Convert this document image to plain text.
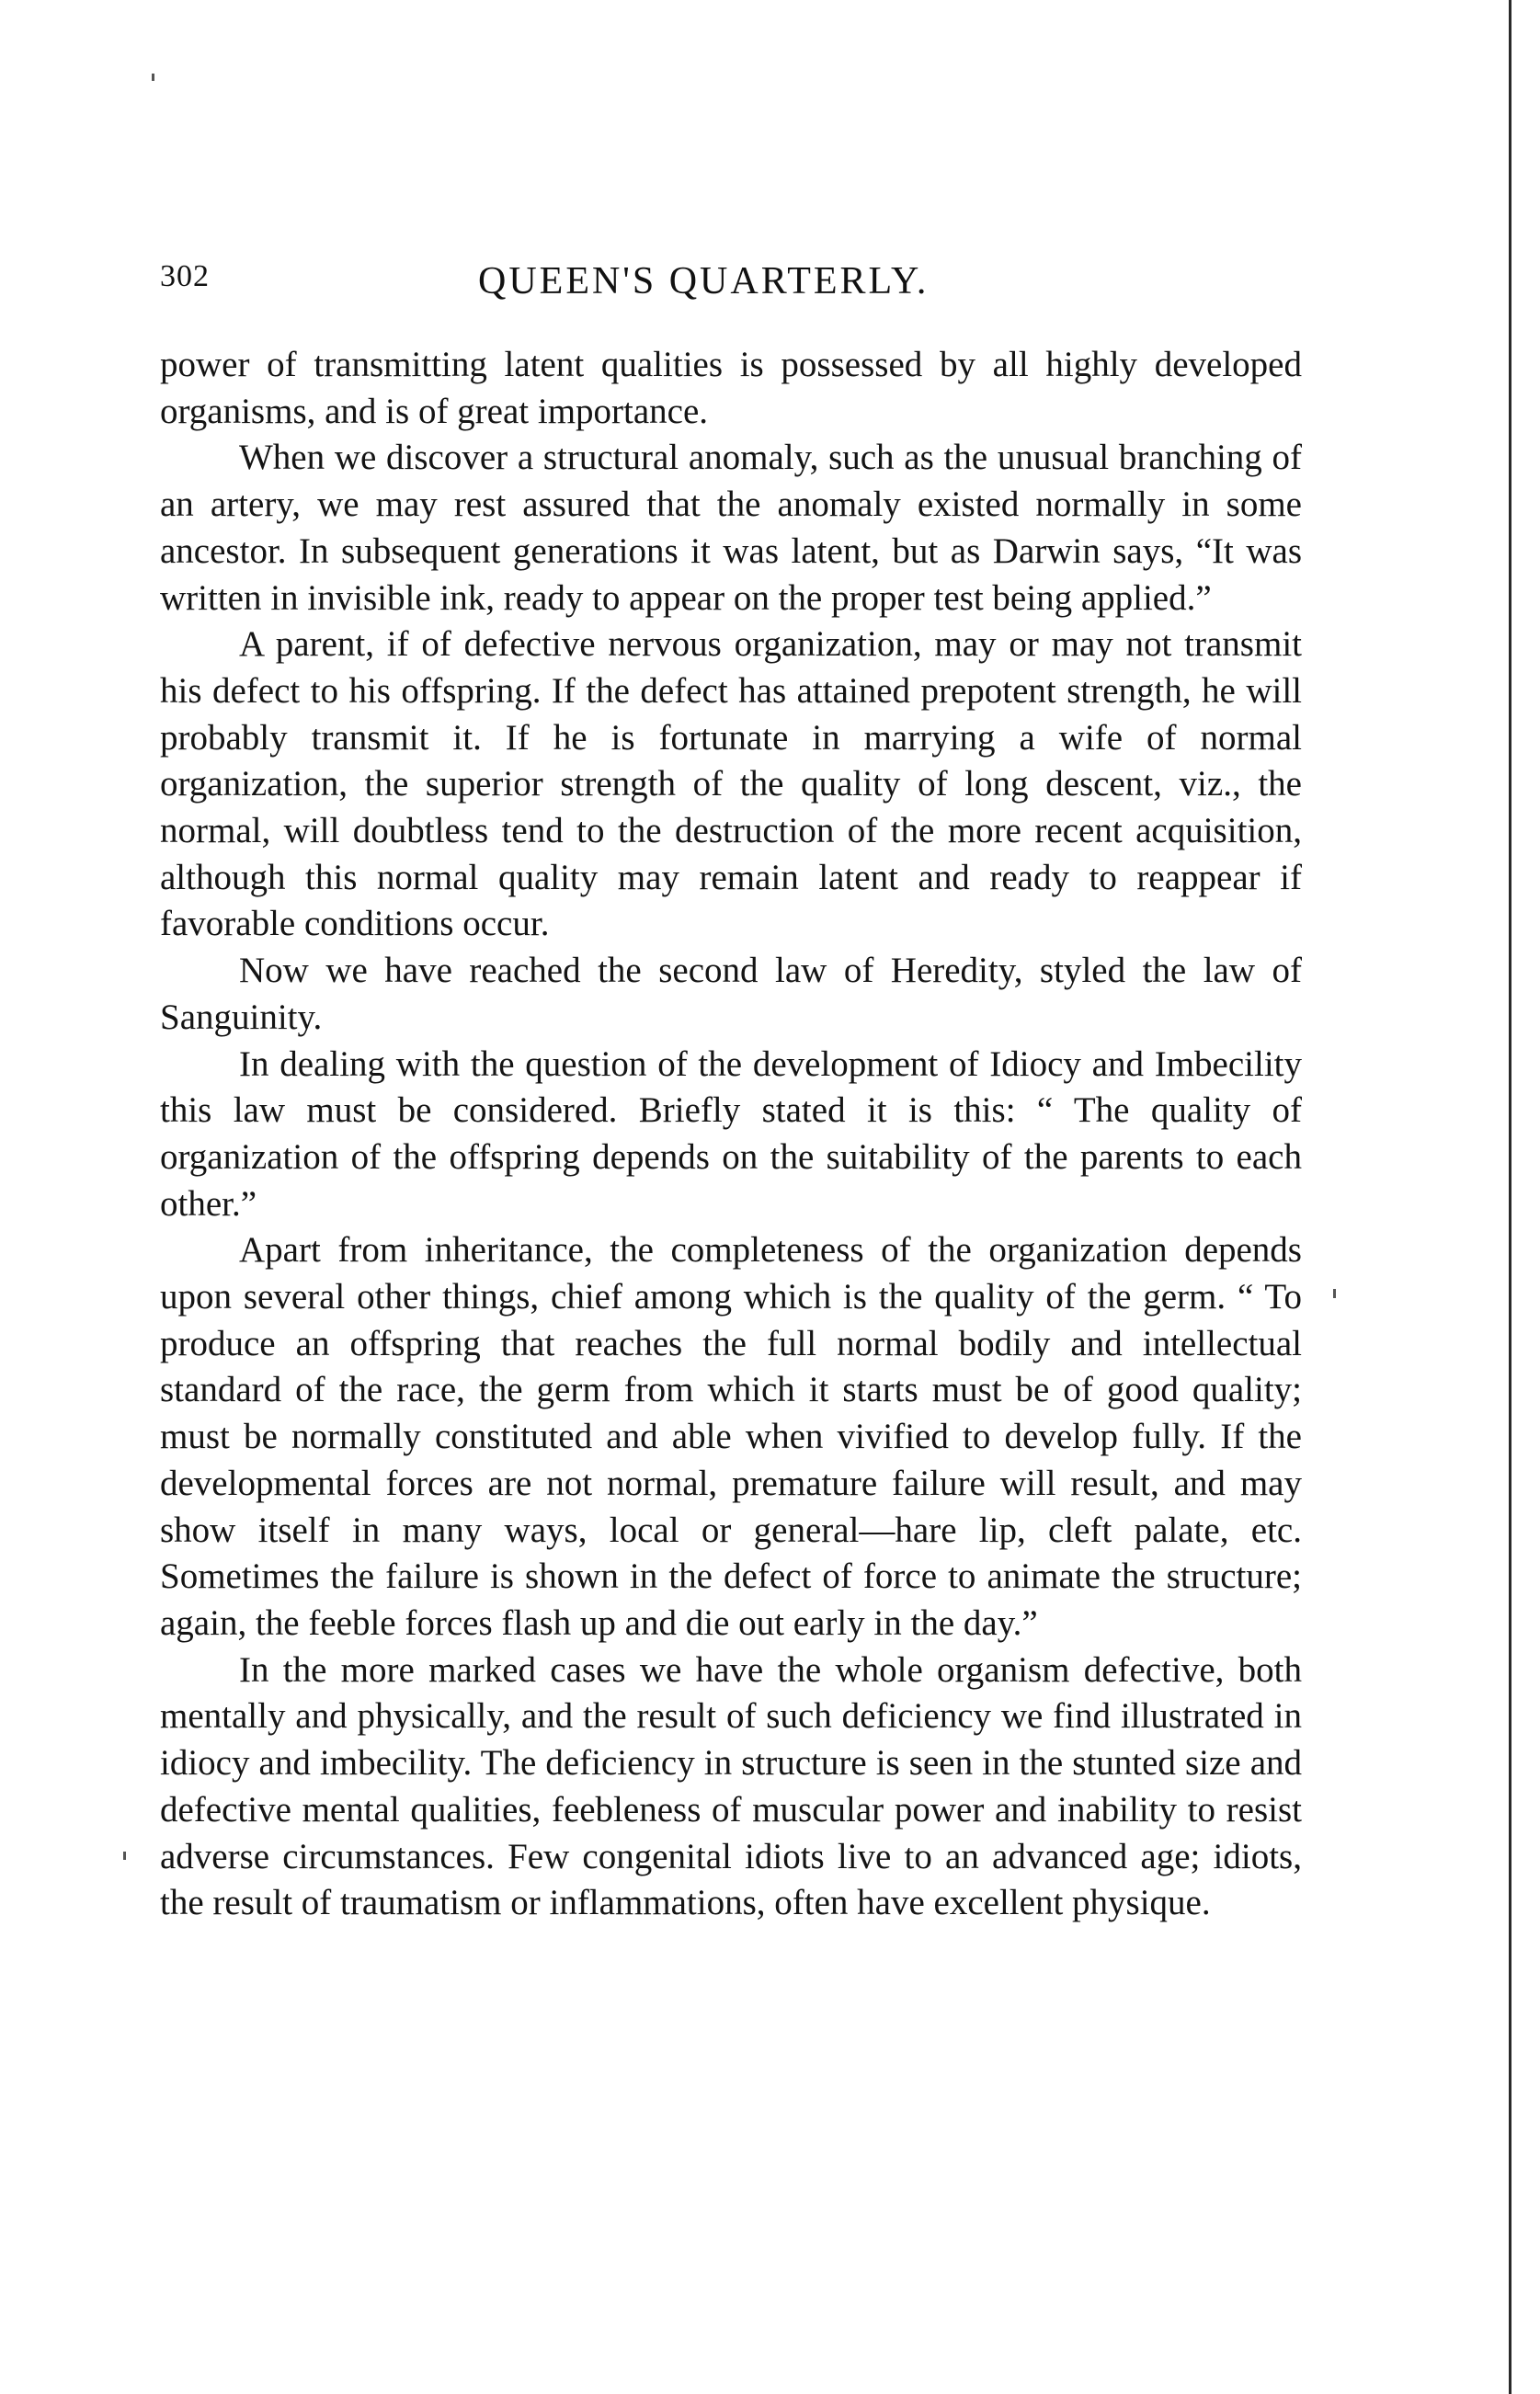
302	QUEEN'S QUARTERLY.

power of transmitting latent qualities is possessed by all highly developed organisms, and is of great importance.

When we discover a structural anomaly, such as the unusual branching of an artery, we may rest assured that the anomaly existed normally in some ancestor. In subsequent generations it was latent, but as Darwin says, “It was written in invisible ink, ready to appear on the proper test being applied.”

A parent, if of defective nervous organization, may or may not transmit his defect to his offspring. If the defect has attained prepotent strength, he will probably transmit it. If he is fortunate in marrying a wife of normal organization, the superior strength of the quality of long descent, viz., the normal, will doubtless tend to the destruction of the more recent acquisition, although this normal quality may remain latent and ready to reappear if favorable conditions occur.

Now we have reached the second law of Heredity, styled the law of Sanguinity.

In dealing with the question of the development of Idiocy and Imbecility this law must be considered. Briefly stated it is this: “ The quality of organization of the offspring depends on the suitability of the parents to each other.”

Apart from inheritance, the completeness of the organization depends upon several other things, chief among which is the quality of the germ. “ To produce an offspring that reaches the full normal bodily and intellectual standard of the race, the germ from which it starts must be of good quality; must be normally constituted and able when vivified to develop fully. If the developmental forces are not normal, premature failure will result, and may show itself in many ways, local or general—hare lip, cleft palate, etc. Sometimes the failure is shown in the defect of force to animate the structure; again, the feeble forces flash up and die out early in the day.”

In the more marked cases we have the whole organism defective, both mentally and physically, and the result of such deficiency we find illustrated in idiocy and imbecility. The deficiency in structure is seen in the stunted size and defective mental qualities, feebleness of muscular power and inability to resist adverse circumstances. Few congenital idiots live to an advanced age; idiots, the result of traumatism or inflammations, often have excellent physique.
